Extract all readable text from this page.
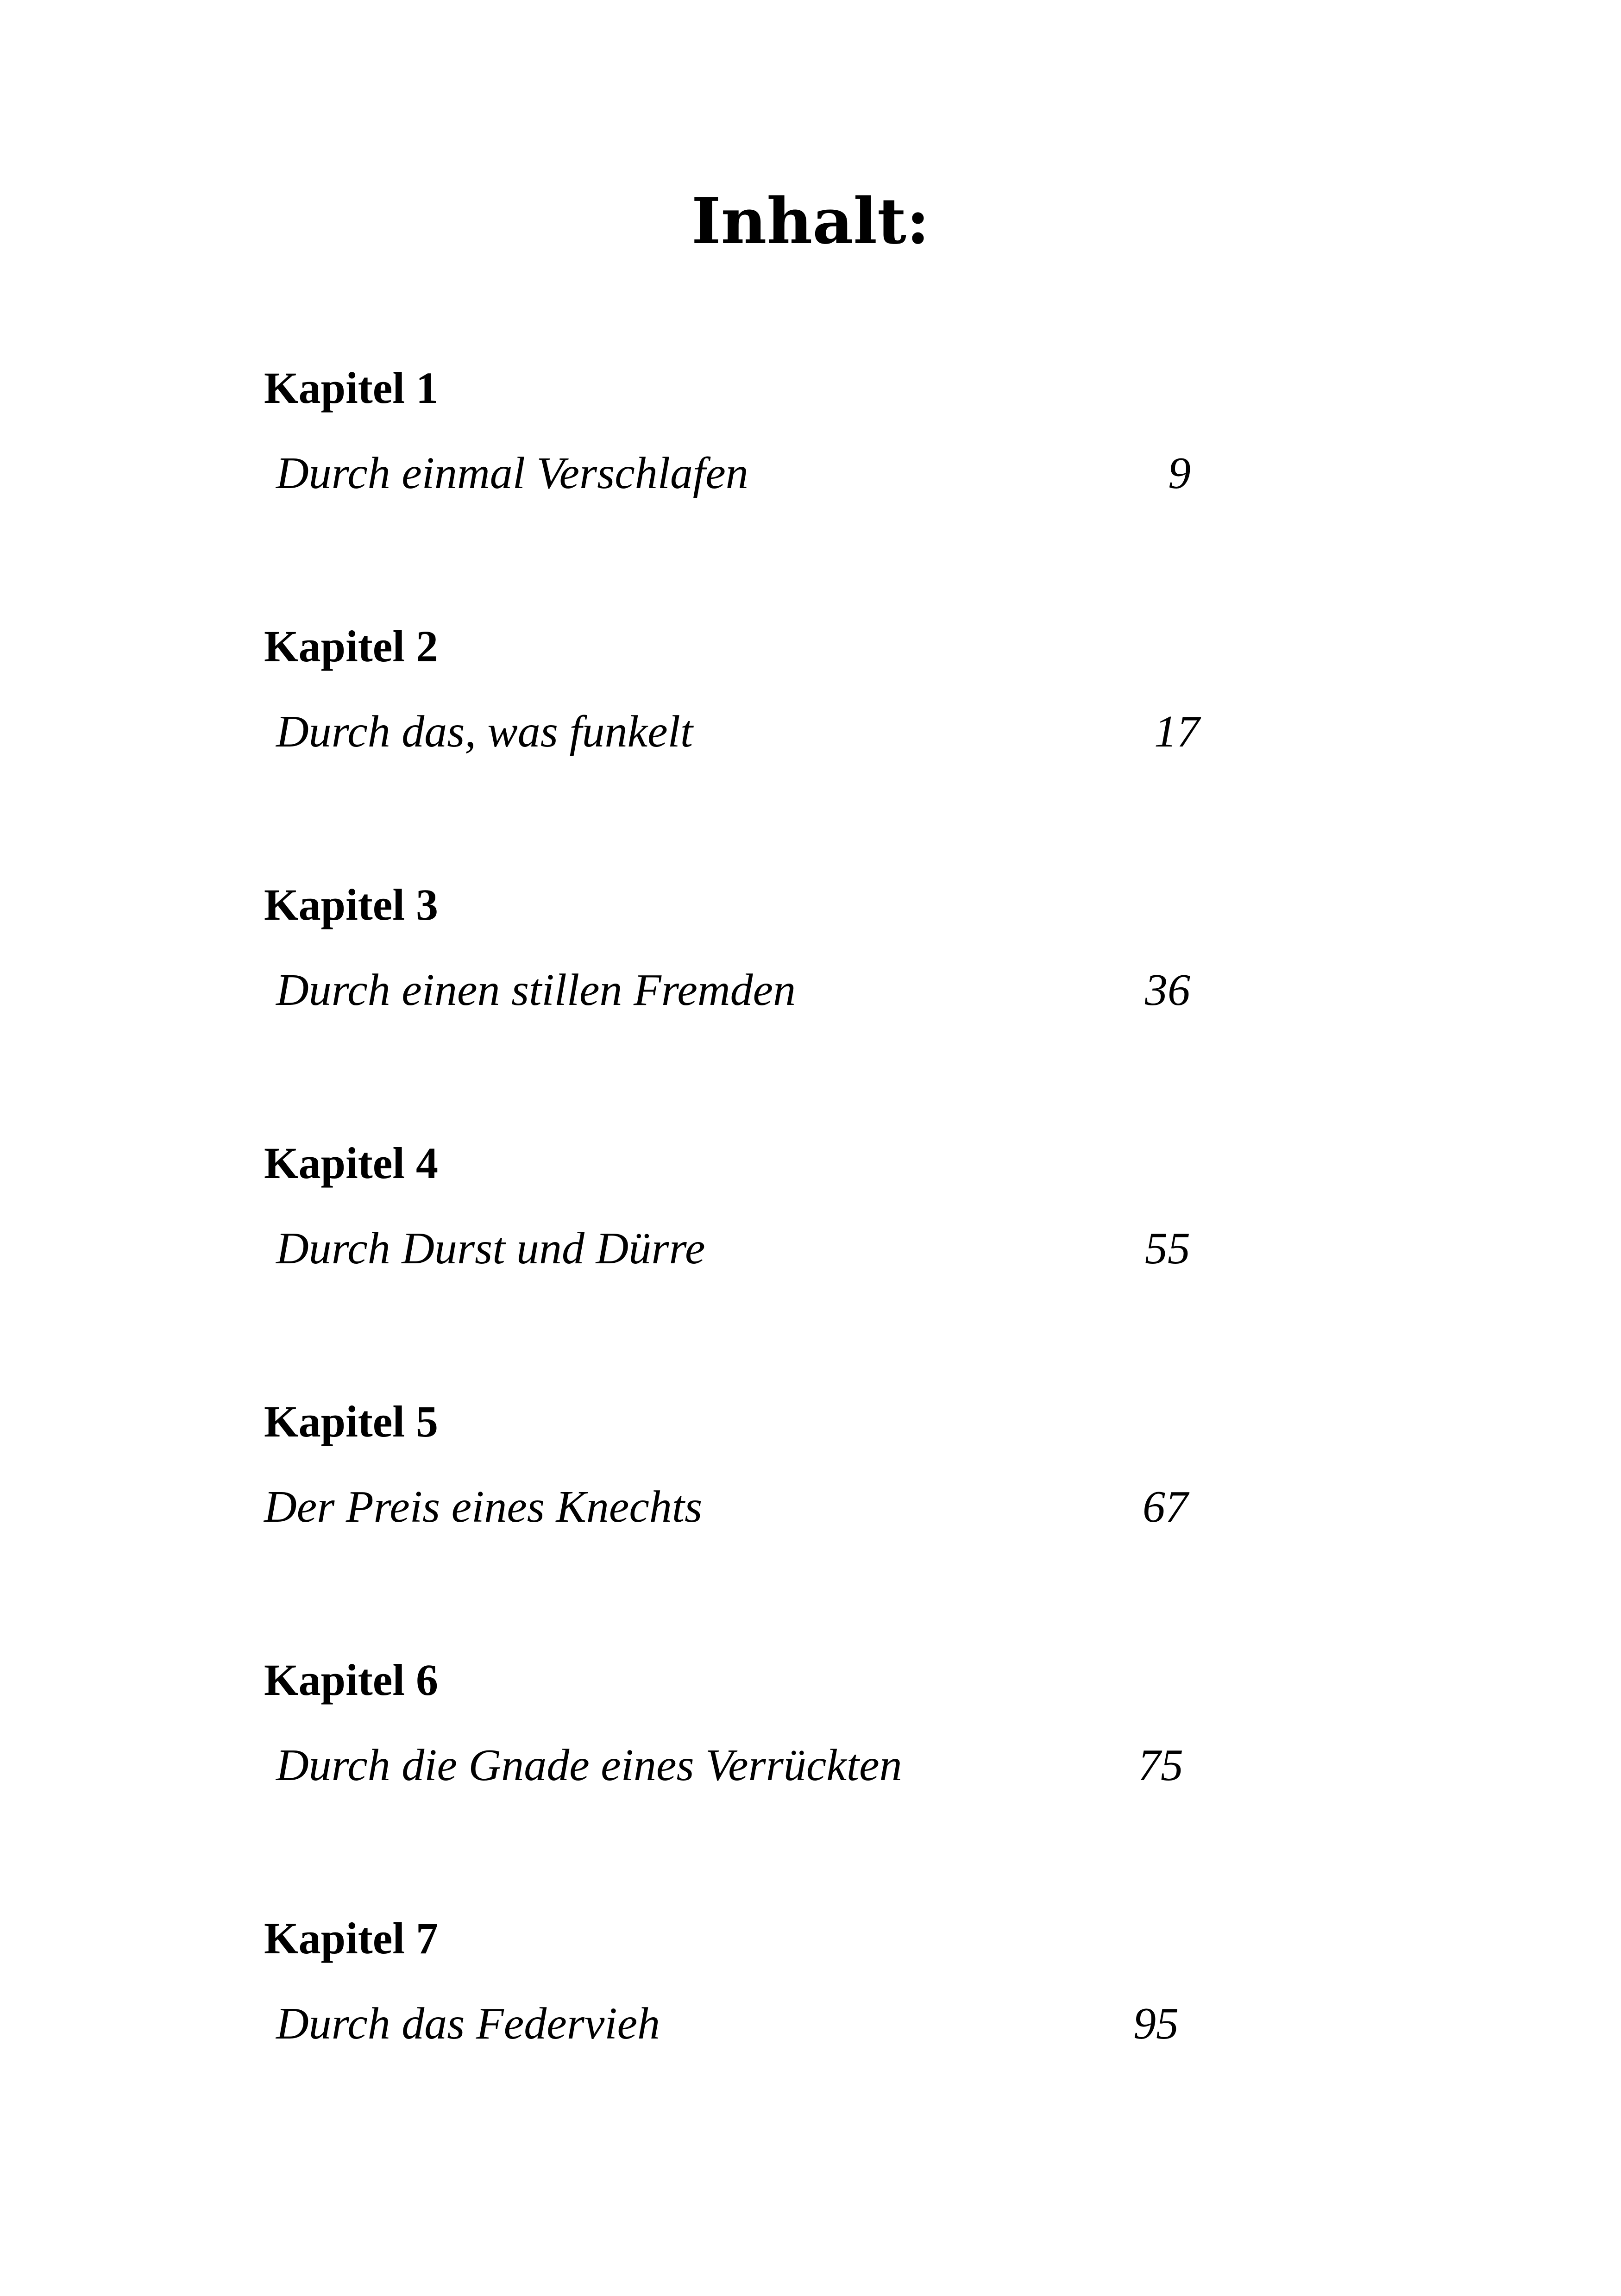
Inhalt:
Kapitel 1
Durch einmal Verschlafen	9
Kapitel 2
Durch das, was funkelt	17
Kapitel 3
Durch einen stillen Fremden	36
Kapitel 4
Durch Durst und Dürre	55
Kapitel 5
Der Preis eines Knechts	67
Kapitel 6
Durch die Gnade eines Verrückten	75
Kapitel 7
Durch das Federvieh	95
